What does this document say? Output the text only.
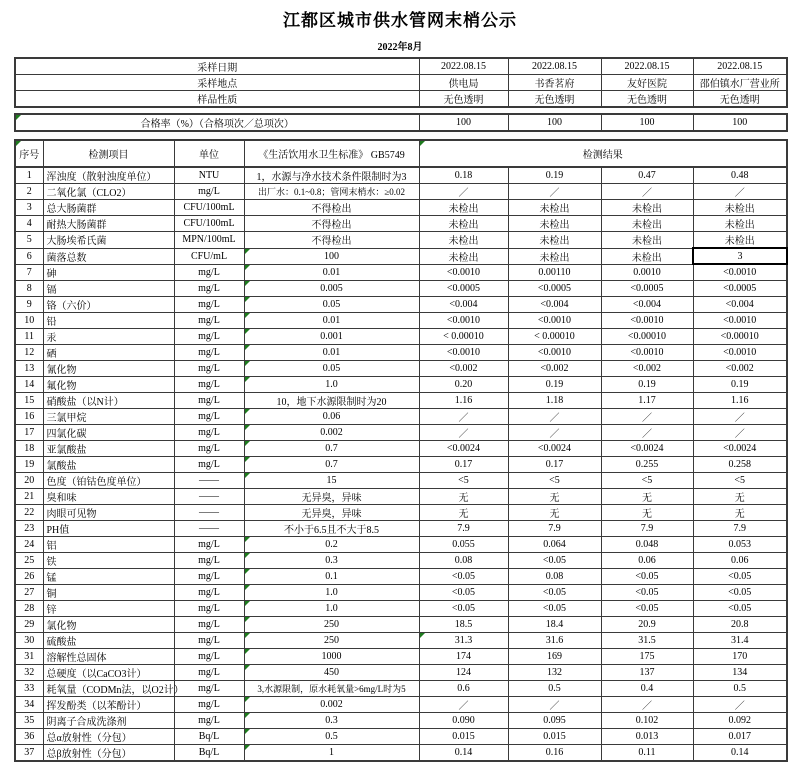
江都区城市供水管网末梢公示
2022年8月
采样日期	2022.08.15	2022.08.15	2022.08.15	2022.08.15
采样地点	供电局	书香茗府	友好医院	邵伯镇水厂营业所
样品性质	无色透明	无色透明	无色透明	无色透明
合格率（%）（合格项次／总项次）	100	100	100	100
序号	检测项目	单位	《生活饮用水卫生标准》 GB5749	检测结果			
1	浑浊度（散射浊度单位）	NTU	1，水源与净水技术条件限制时为3	0.18	0.19	0.47	0.48
2	二氧化氯（CLO2）	mg/L	出厂水：0.1~0.8；管网末梢水：≥0.02	／	／	／	／
3	总大肠菌群	CFU/100mL	不得检出	未检出	未检出	未检出	未检出
4	耐热大肠菌群	CFU/100mL	不得检出	未检出	未检出	未检出	未检出
5	大肠埃希氏菌	MPN/100mL	不得检出	未检出	未检出	未检出	未检出
6	菌落总数	CFU/mL	100	未检出	未检出	未检出	3
7	砷	mg/L	0.01	<0.0010	0.00110	0.0010	<0.0010
8	镉	mg/L	0.005	<0.0005	<0.0005	<0.0005	<0.0005
9	铬（六价）	mg/L	0.05	<0.004	<0.004	<0.004	<0.004
10	铅	mg/L	0.01	<0.0010	<0.0010	<0.0010	<0.0010
11	汞	mg/L	0.001	< 0.00010	< 0.00010	<0.00010	<0.00010
12	硒	mg/L	0.01	<0.0010	<0.0010	<0.0010	<0.0010
13	氰化物	mg/L	0.05	<0.002	<0.002	<0.002	<0.002
14	氟化物	mg/L	1.0	0.20	0.19	0.19	0.19
15	硝酸盐（以N计）	mg/L	10，地下水源限制时为20	1.16	1.18	1.17	1.16
16	三氯甲烷	mg/L	0.06	／	／	／	／
17	四氯化碳	mg/L	0.002	／	／	／	／
18	亚氯酸盐	mg/L	0.7	<0.0024	<0.0024	<0.0024	<0.0024
19	氯酸盐	mg/L	0.7	0.17	0.17	0.255	0.258
20	色度（铂钴色度单位）	——	15	<5	<5	<5	<5
21	臭和味	——	无异臭，异味	无	无	无	无
22	肉眼可见物	——	无异臭，异味	无	无	无	无
23	PH值	——	不小于6.5且不大于8.5	7.9	7.9	7.9	7.9
24	铝	mg/L	0.2	0.055	0.064	0.048	0.053
25	铁	mg/L	0.3	0.08	<0.05	0.06	0.06
26	锰	mg/L	0.1	<0.05	0.08	<0.05	<0.05
27	铜	mg/L	1.0	<0.05	<0.05	<0.05	<0.05
28	锌	mg/L	1.0	<0.05	<0.05	<0.05	<0.05
29	氯化物	mg/L	250	18.5	18.4	20.9	20.8
30	硫酸盐	mg/L	250	31.3	31.6	31.5	31.4
31	溶解性总固体	mg/L	1000	174	169	175	170
32	总硬度（以CaCO3计）	mg/L	450	124	132	137	134
33	耗氧量（CODMn法，以O2计）	mg/L	3,水源限制，原水耗氧量>6mg/L时为5	0.6	0.5	0.4	0.5
34	挥发酚类（以苯酚计）	mg/L	0.002	／	／	／	／
35	阴离子合成洗涤剂	mg/L	0.3	0.090	0.095	0.102	0.092
36	总α放射性（分包）	Bq/L	0.5	0.015	0.015	0.013	0.017
37	总β放射性（分包）	Bq/L	1	0.14	0.16	0.11	0.14
